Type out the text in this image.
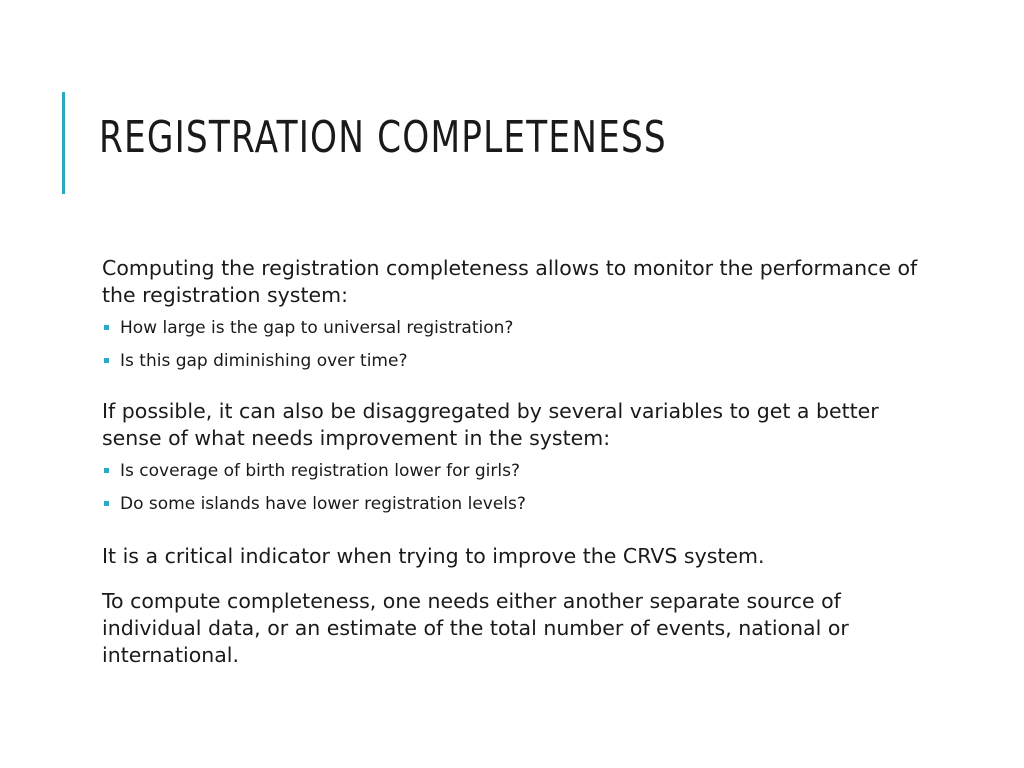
REGISTRATION COMPLETENESS

Computing the registration completeness allows to monitor the performance of the registration system:

How large is the gap to universal registration?
Is this gap diminishing over time?

If possible, it can also be disaggregated by several variables to get a better sense of what needs improvement in the system:

Is coverage of birth registration lower for girls?
Do some islands have lower registration levels?

It is a critical indicator when trying to improve the CRVS system.

To compute completeness, one needs either another separate source of individual data, or an estimate of the total number of events, national or international.
